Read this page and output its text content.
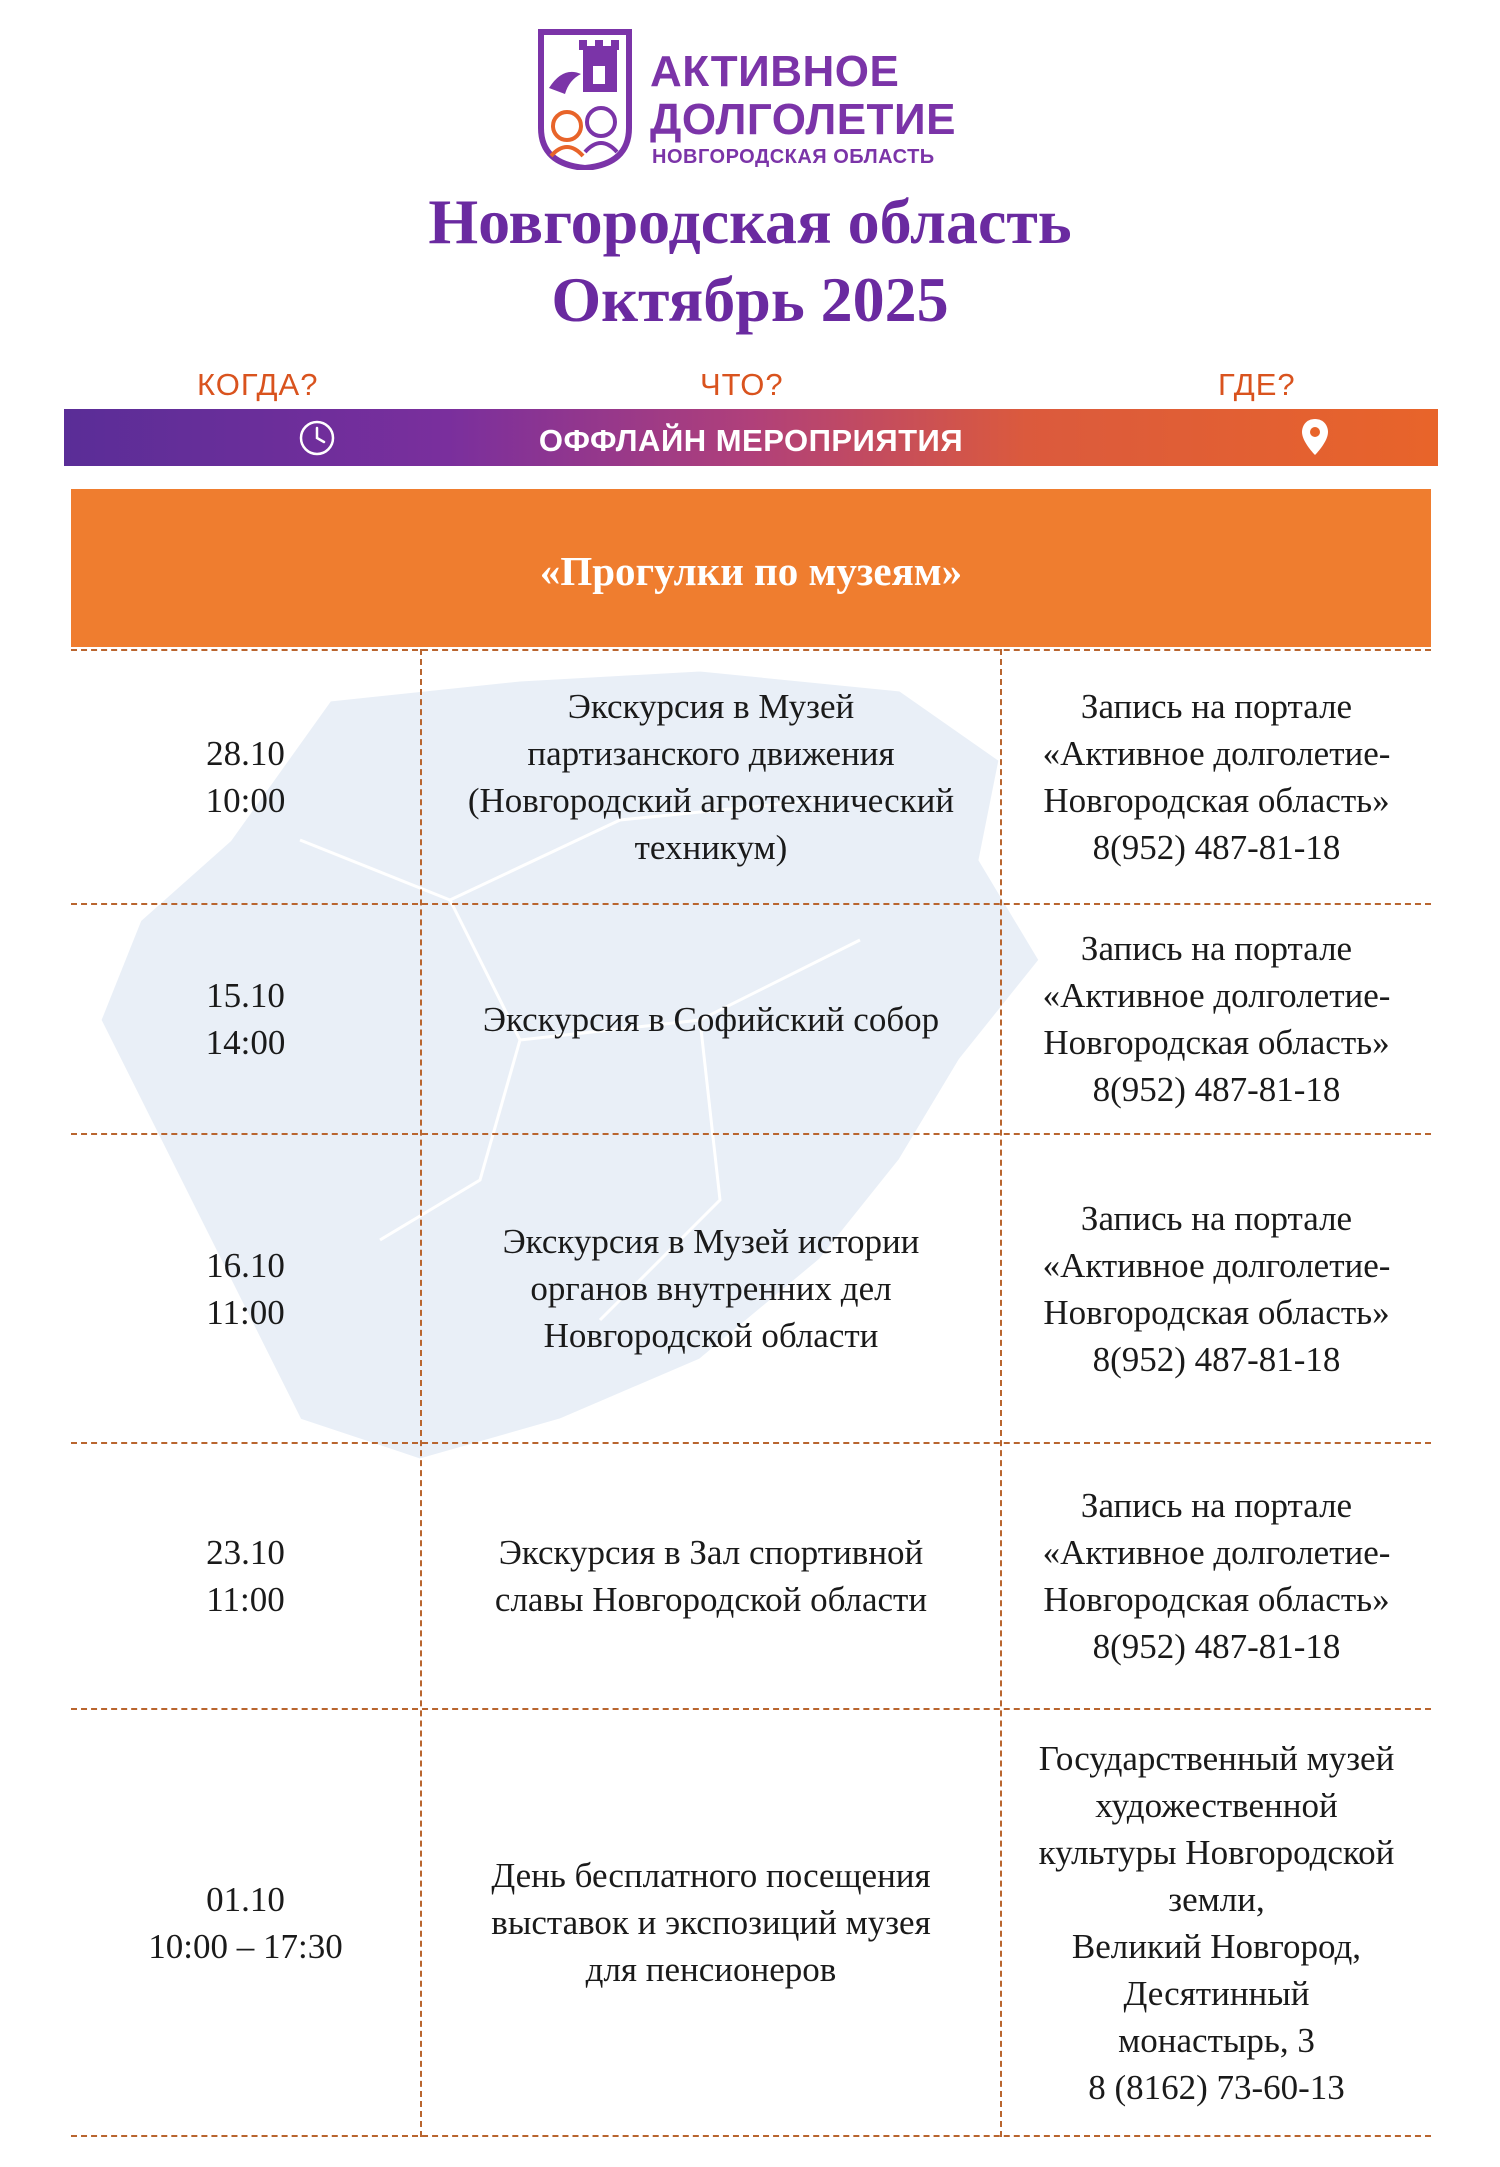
АКТИВНОЕ
ДОЛГОЛЕТИЕ
НОВГОРОДСКАЯ ОБЛАСТЬ
Новгородская область
Октябрь 2025
КОГДА?	ЧТО?	ГДЕ?
ОФФЛАЙН МЕРОПРИЯТИЯ
«Прогулки по музеям»
28.10
10:00
Экскурсия в Музей
партизанского движения
(Новгородский агротехнический
техникум)
Запись на портале
«Активное долголетие-
Новгородская область»
8(952) 487-81-18
15.10
14:00
Экскурсия в Софийский собор
Запись на портале
«Активное долголетие-
Новгородская область»
8(952) 487-81-18
16.10
11:00
Экскурсия в Музей истории
органов внутренних дел
Новгородской области
Запись на портале
«Активное долголетие-
Новгородская область»
8(952) 487-81-18
23.10
11:00
Экскурсия в Зал спортивной
славы Новгородской области
Запись на портале
«Активное долголетие-
Новгородская область»
8(952) 487-81-18
01.10
10:00 – 17:30
День бесплатного посещения
выставок и экспозиций музея
для пенсионеров
Государственный музей
художественной
культуры Новгородской
земли,
Великий Новгород,
Десятинный
монастырь, 3
8 (8162) 73-60-13
